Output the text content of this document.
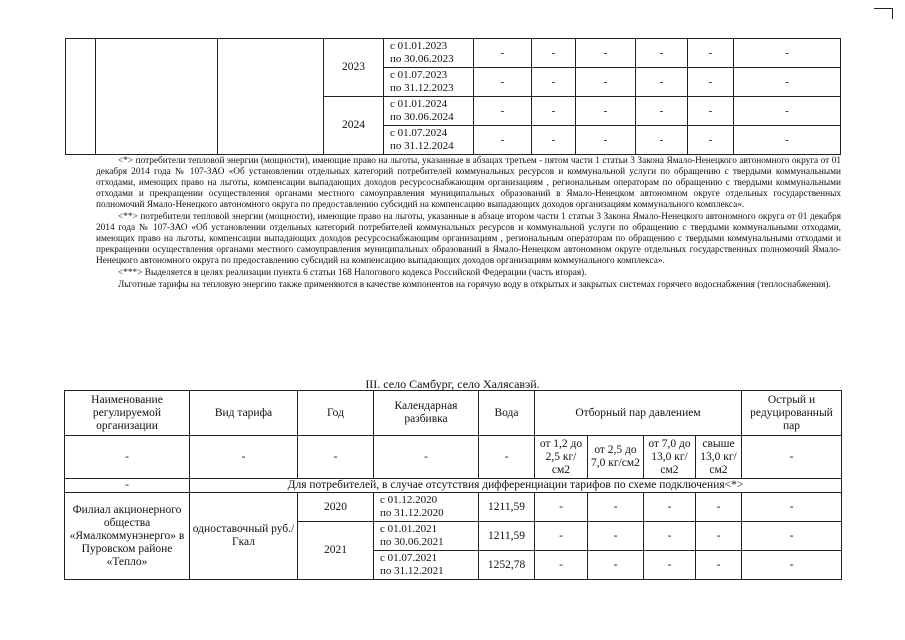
			2023	с 01.01.2023
по 30.06.2023	-	-	-	-	-	-
				с 01.07.2023
по 31.12.2023	-	-	-	-	-	-
			2024	с 01.01.2024
по 30.06.2024	-	-	-	-	-	-
				с 01.07.2024
по 31.12.2024	-	-	-	-	-	-

<*> потребители тепловой энергии (мощности), имеющие право на льготы, указанные в абзацах третьем - пятом части 1 статьи 3 Закона Ямало-Ненецкого автономного округа от 01 декабря 2014 года № 107-ЗАО «Об установлении отдельных категорий потребителей коммунальных ресурсов и коммунальной услуги по обращению с твердыми коммунальными отходами, имеющих право на льготы, компенсации выпадающих доходов ресурсоснабжающим организациям , региональным операторам по обращению с твердыми коммунальными отходами и прекращении осуществления органами местного самоуправления муниципальных образований в Ямало-Ненецком автономном округе отдельных государственных полномочий Ямало-Ненецкого автономного округа по предоставлению субсидий на компенсацию выпадающих доходов организациям коммунального комплекса».

<**> потребители тепловой энергии (мощности), имеющие право на льготы, указанные в абзаце втором части 1 статьи 3 Закона Ямало-Ненецкого автономного округа от 01 декабря 2014 года № 107-ЗАО «Об установлении отдельных категорий потребителей коммунальных ресурсов и коммунальной услуги по обращению с твердыми коммунальными отходами, имеющих право на льготы, компенсации выпадающих доходов ресурсоснабжающим организациям , региональным операторам по обращению с твердыми коммунальными отходами и прекращении осуществления органами местного самоуправления муниципальных образований в Ямало-Ненецком автономном округе отдельных государственных полномочий Ямало-Ненецкого автономного округа по предоставлению субсидий на компенсацию выпадающих доходов организациям коммунального комплекса».

<***> Выделяется в целях реализации пункта 6 статьи 168 Налогового кодекса Российской Федерации (часть вторая).

Льготные тарифы на тепловую энергию также применяются в качестве компонентов на горячую воду в открытых и закрытых системах горячего водоснабжения (теплоснабжения).

III. село Самбург, село Халясавэй.
Наименование регулируемой организации	Вид тарифа	Год	Календарная разбивка	Вода	Отборный пар давлением				Острый и редуцированный пар

-	-	-	-	-	от 1,2 до 2,5 кг/см2	от 2,5 до 7,0 кг/см2	от 7,0 до 13,0 кг/см2	свыше 13,0 кг/см2	-
-	Для потребителей, в случае отсутствия дифференциации тарифов по схеме подключения<*>								
Филиал акционерного общества «Ямалкоммунэнерго» в Пуровском районе «Тепло»	одноставочный руб./Гкал	2020	с 01.12.2020
по 31.12.2020	1211,59	-	-	-	-	-
		2021	с 01.01.2021
по 30.06.2021	1211,59	-	-	-	-	-
			с 01.07.2021
по 31.12.2021	1252,78	-	-	-	-	-
